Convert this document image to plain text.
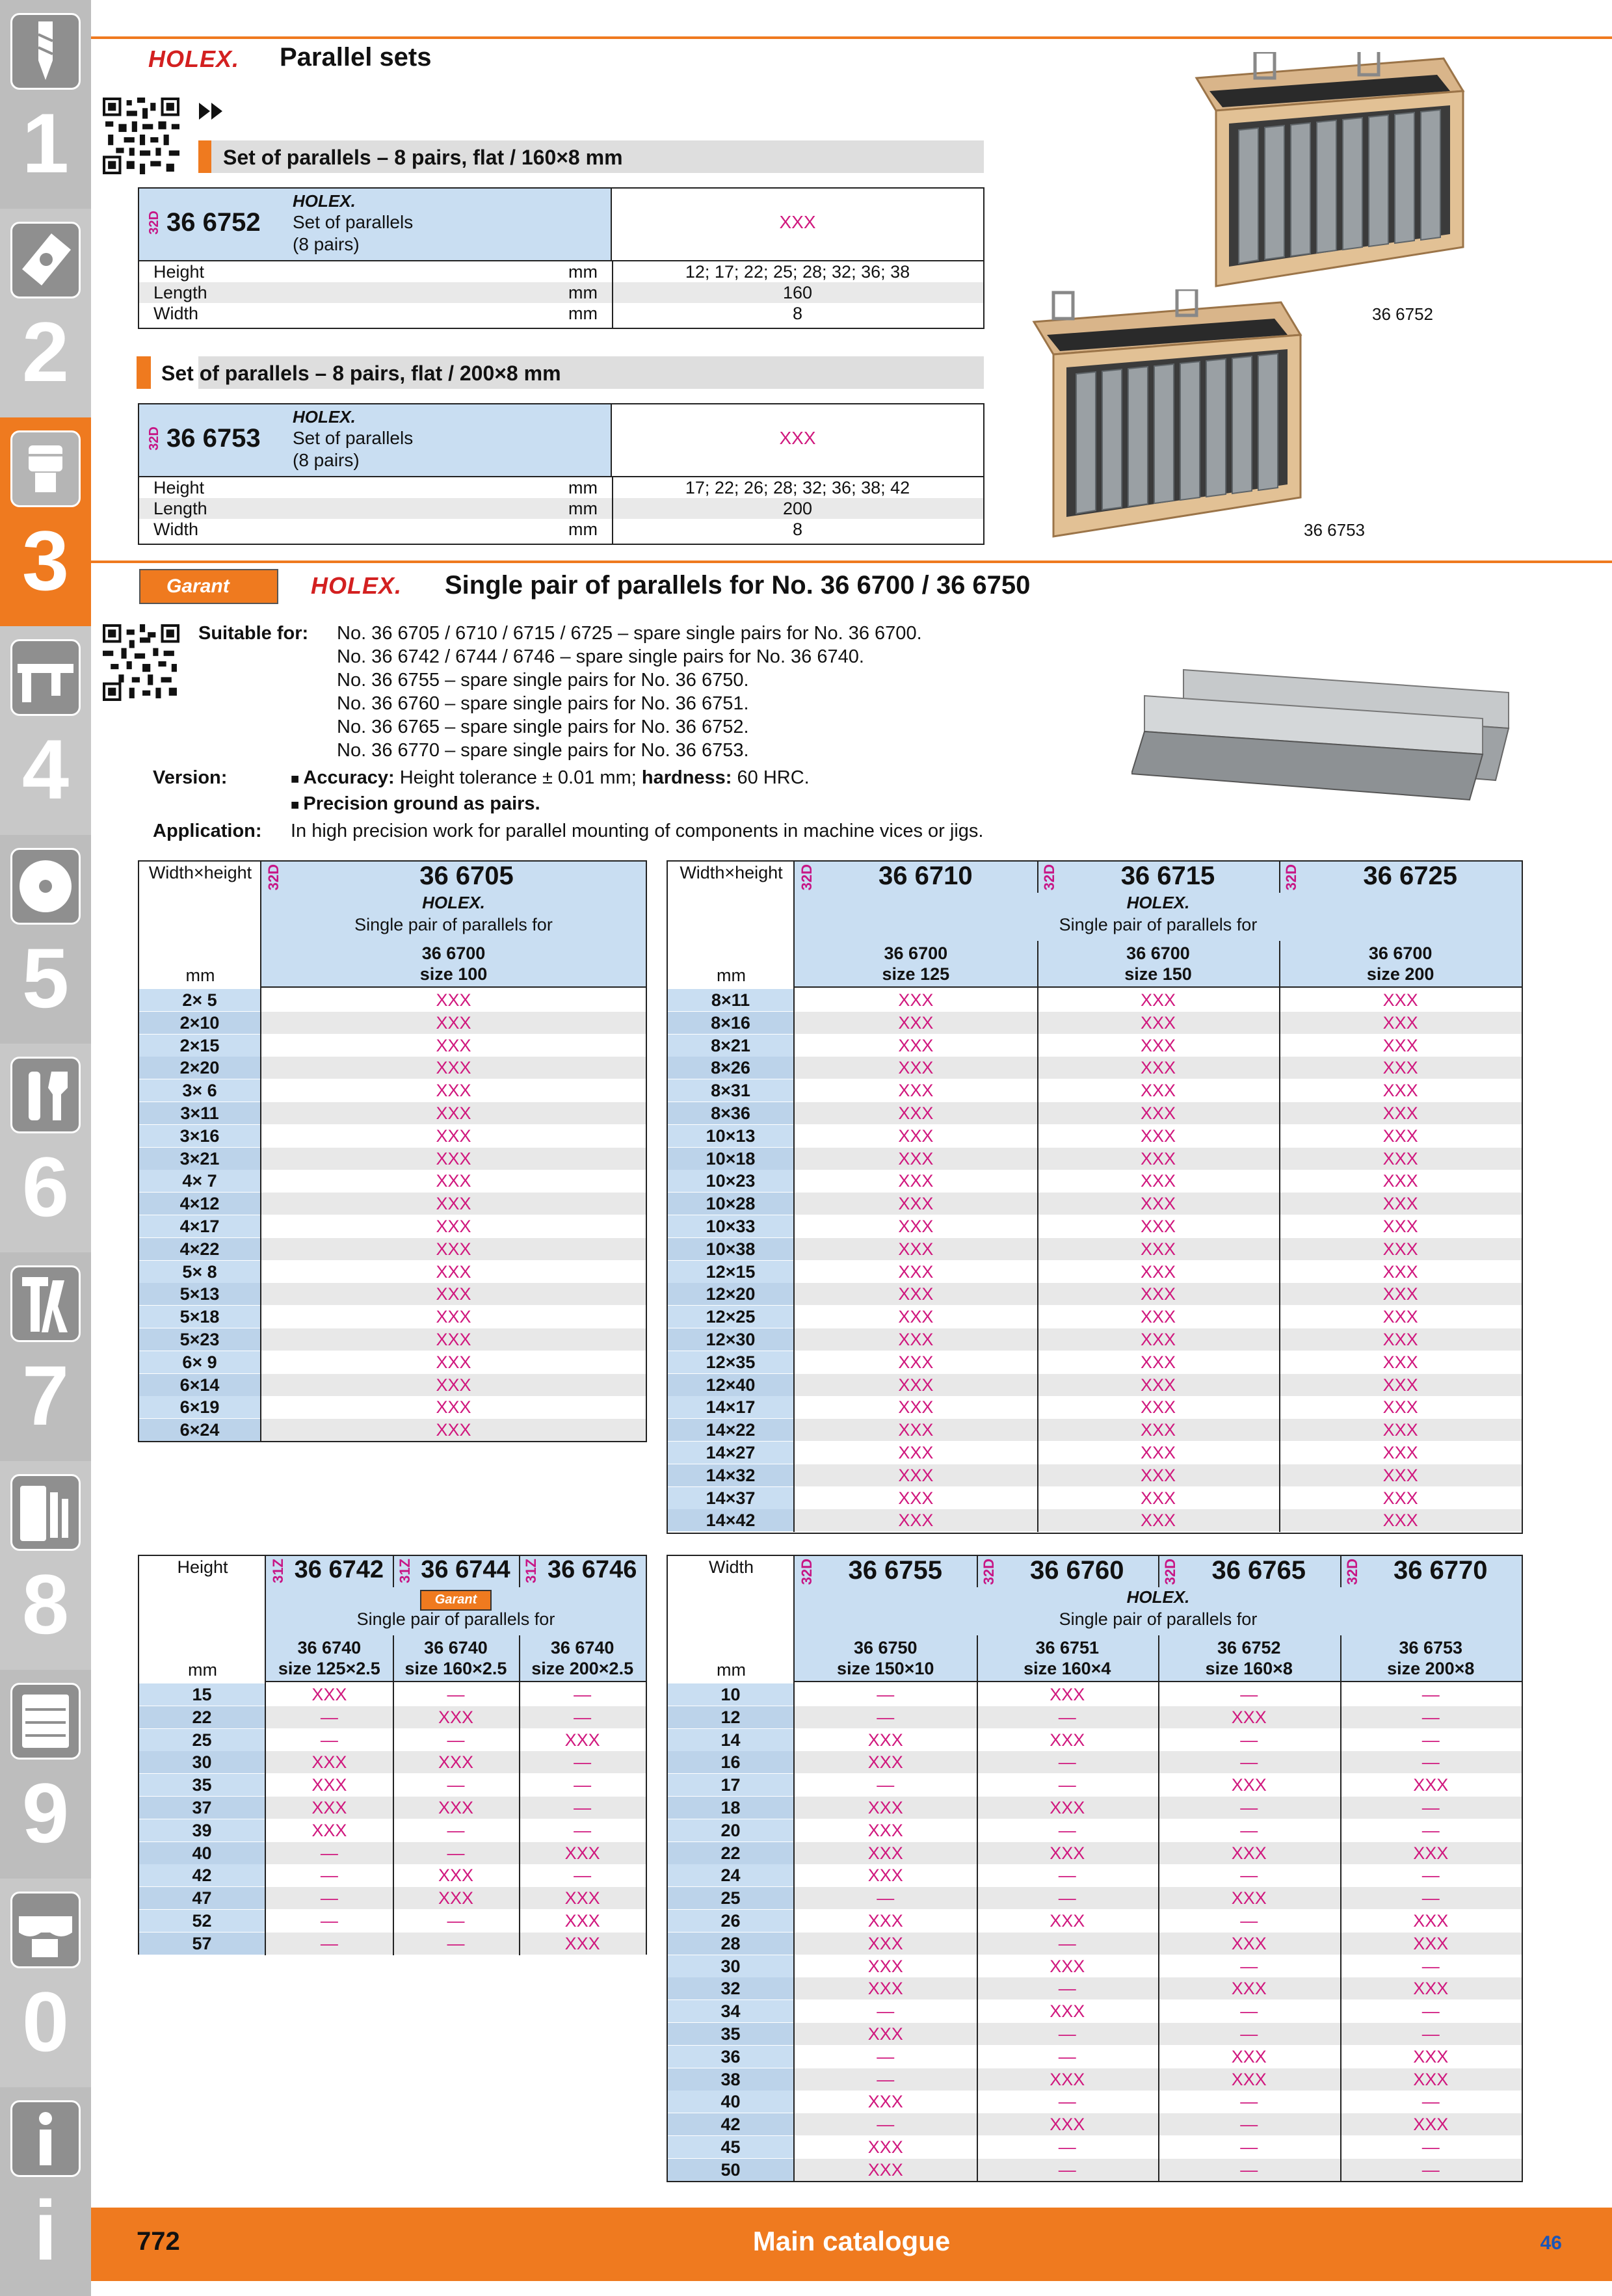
1
2
3
4
5
6
7
8
9
0
i
HOLEX. Parallel sets
Set of parallels – 8 pairs, flat / 160×8 mm
32D 36 6752
HOLEX.
Set of parallels
(8 pairs)
XXX
Height	mm	12; 17; 22; 25; 28; 32; 36; 38
Length	mm	160
Width	mm	8
Set of parallels – 8 pairs, flat / 200×8 mm
32D 36 6753
HOLEX.
Set of parallels
(8 pairs)
XXX
Height	mm	17; 22; 26; 28; 32; 36; 38; 42
Length	mm	200
Width	mm	8
36 6752
36 6753
Garant	HOLEX. Single pair of parallels for No. 36 6700 / 36 6750
Suitable for: No. 36 6705 / 6710 / 6715 / 6725 – spare single pairs for No. 36 6700.
No. 36 6742 / 6744 / 6746 – spare single pairs for No. 36 6740.
No. 36 6755 – spare single pairs for No. 36 6750.
No. 36 6760 – spare single pairs for No. 36 6751.
No. 36 6765 – spare single pairs for No. 36 6752.
No. 36 6770 – spare single pairs for No. 36 6753.
Version:	■ Accuracy: Height tolerance ± 0.01 mm; hardness: 60 HRC.
■ Precision ground as pairs.
Application: In high precision work for parallel mounting of components in machine vices or jigs.
Width×height
mm
32D	36 6705
HOLEX.
Single pair of parallels for
36 6700
size 100
2× 5	XXX
2×10	XXX
2×15	XXX
2×20	XXX
3× 6	XXX
3×11	XXX
3×16	XXX
3×21	XXX
4× 7	XXX
4×12	XXX
4×17	XXX
4×22	XXX
5× 8	XXX
5×13	XXX
5×18	XXX
5×23	XXX
6× 9	XXX
6×14	XXX
6×19	XXX
6×24	XXX
Width×height
mm
32D	36 6710	32D	36 6715	32D	36 6725
HOLEX.
Single pair of parallels for
36 6700
size 125
36 6700
size 150
36 6700
size 200
8×11	XXX	XXX	XXX
8×16	XXX	XXX	XXX
8×21	XXX	XXX	XXX
8×26	XXX	XXX	XXX
8×31	XXX	XXX	XXX
8×36	XXX	XXX	XXX
10×13	XXX	XXX	XXX
10×18	XXX	XXX	XXX
10×23	XXX	XXX	XXX
10×28	XXX	XXX	XXX
10×33	XXX	XXX	XXX
10×38	XXX	XXX	XXX
12×15	XXX	XXX	XXX
12×20	XXX	XXX	XXX
12×25	XXX	XXX	XXX
12×30	XXX	XXX	XXX
12×35	XXX	XXX	XXX
12×40	XXX	XXX	XXX
14×17	XXX	XXX	XXX
14×22	XXX	XXX	XXX
14×27	XXX	XXX	XXX
14×32	XXX	XXX	XXX
14×37	XXX	XXX	XXX
14×42	XXX	XXX	XXX
Height
mm
31Z 36 6742 31Z 36 6744 31Z 36 6746
Garant
Single pair of parallels for
36 6740
size 125×2.5
36 6740
size 160×2.5
36 6740
size 200×2.5
15	XXX	—	—
22	—	XXX	—
25	—	—	XXX
30	XXX	XXX	—
35	XXX	—	—
37	XXX	XXX	—
39	XXX	—	—
40	—	—	XXX
42	—	XXX	—
47	—	XXX	XXX
52	—	—	XXX
57	—	—	XXX
Width
mm
32D	36 6755	32D	36 6760	32D	36 6765	32D	36 6770
HOLEX.
Single pair of parallels for
36 6750
size 150×10
36 6751
size 160×4
36 6752
size 160×8
36 6753
size 200×8
10	—	XXX	—	—
12	—	—	XXX	—
14	XXX	XXX	—	—
16	XXX	—	—	—
17	—	—	XXX	XXX
18	XXX	XXX	—	—
20	XXX	—	—	—
22	XXX	XXX	XXX	XXX
24	XXX	—	—	—
25	—	—	XXX	—
26	XXX	XXX	—	XXX
28	XXX	—	XXX	XXX
30	XXX	XXX	—	—
32	XXX	—	XXX	XXX
34	—	XXX	—	—
35	XXX	—	—	—
36	—	—	XXX	XXX
38	—	XXX	XXX	XXX
40	XXX	—	—	—
42	—	XXX	—	XXX
45	XXX	—	—	—
50	XXX	—	—	—
772	Main catalogue	46
